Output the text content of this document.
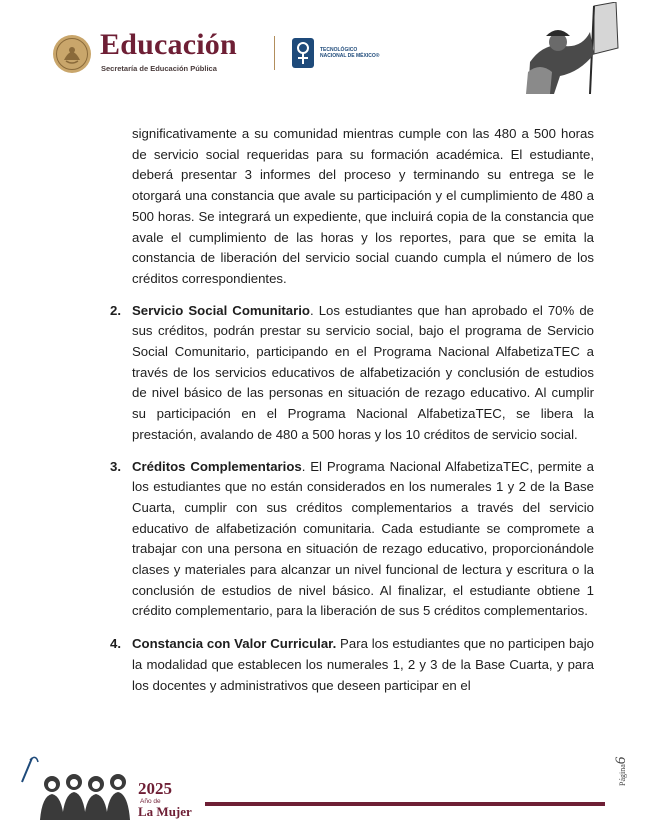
Educación
Secretaría de Educación Pública
TECNOLÓGICO
NACIONAL DE MÉXICO®

significativamente a su comunidad mientras cumple con las 480 a 500 horas de servicio social requeridas para su formación académica. El estudiante, deberá presentar 3 informes del proceso y terminando su entrega se le otorgará una constancia que avale su participación y el cumplimiento de 480 a 500 horas. Se integrará un expediente, que incluirá copia de la constancia que avale el cumplimiento de las horas y los reportes, para que se emita la constancia de liberación del servicio social cuando cumpla el número de los créditos correspondientes.

2. Servicio Social Comunitario. Los estudiantes que han aprobado el 70% de sus créditos, podrán prestar su servicio social, bajo el programa de Servicio Social Comunitario, participando en el Programa Nacional AlfabetizaTEC a través de los servicios educativos de alfabetización y conclusión de estudios de nivel básico de las personas en situación de rezago educativo. Al cumplir su participación en el Programa Nacional AlfabetizaTEC, se libera la prestación, avalando de 480 a 500 horas y los 10 créditos de servicio social.
3. Créditos Complementarios. El Programa Nacional AlfabetizaTEC, permite a los estudiantes que no están considerados en los numerales 1 y 2 de la Base Cuarta, cumplir con sus créditos complementarios a través del servicio educativo de alfabetización comunitaria. Cada estudiante se compromete a trabajar con una persona en situación de rezago educativo, proporcionándole clases y materiales para alcanzar un nivel funcional de lectura y escritura o la conclusión de estudios de nivel básico. Al finalizar, el estudiante obtiene 1 crédito complementario, para la liberación de sus 5 créditos complementarios.
4. Constancia con Valor Curricular. Para los estudiantes que no participen bajo la modalidad que establecen los numerales 1, 2 y 3 de la Base Cuarta, y para los docentes y administrativos que deseen participar en el
2025
Año de
La Mujer
Página6
